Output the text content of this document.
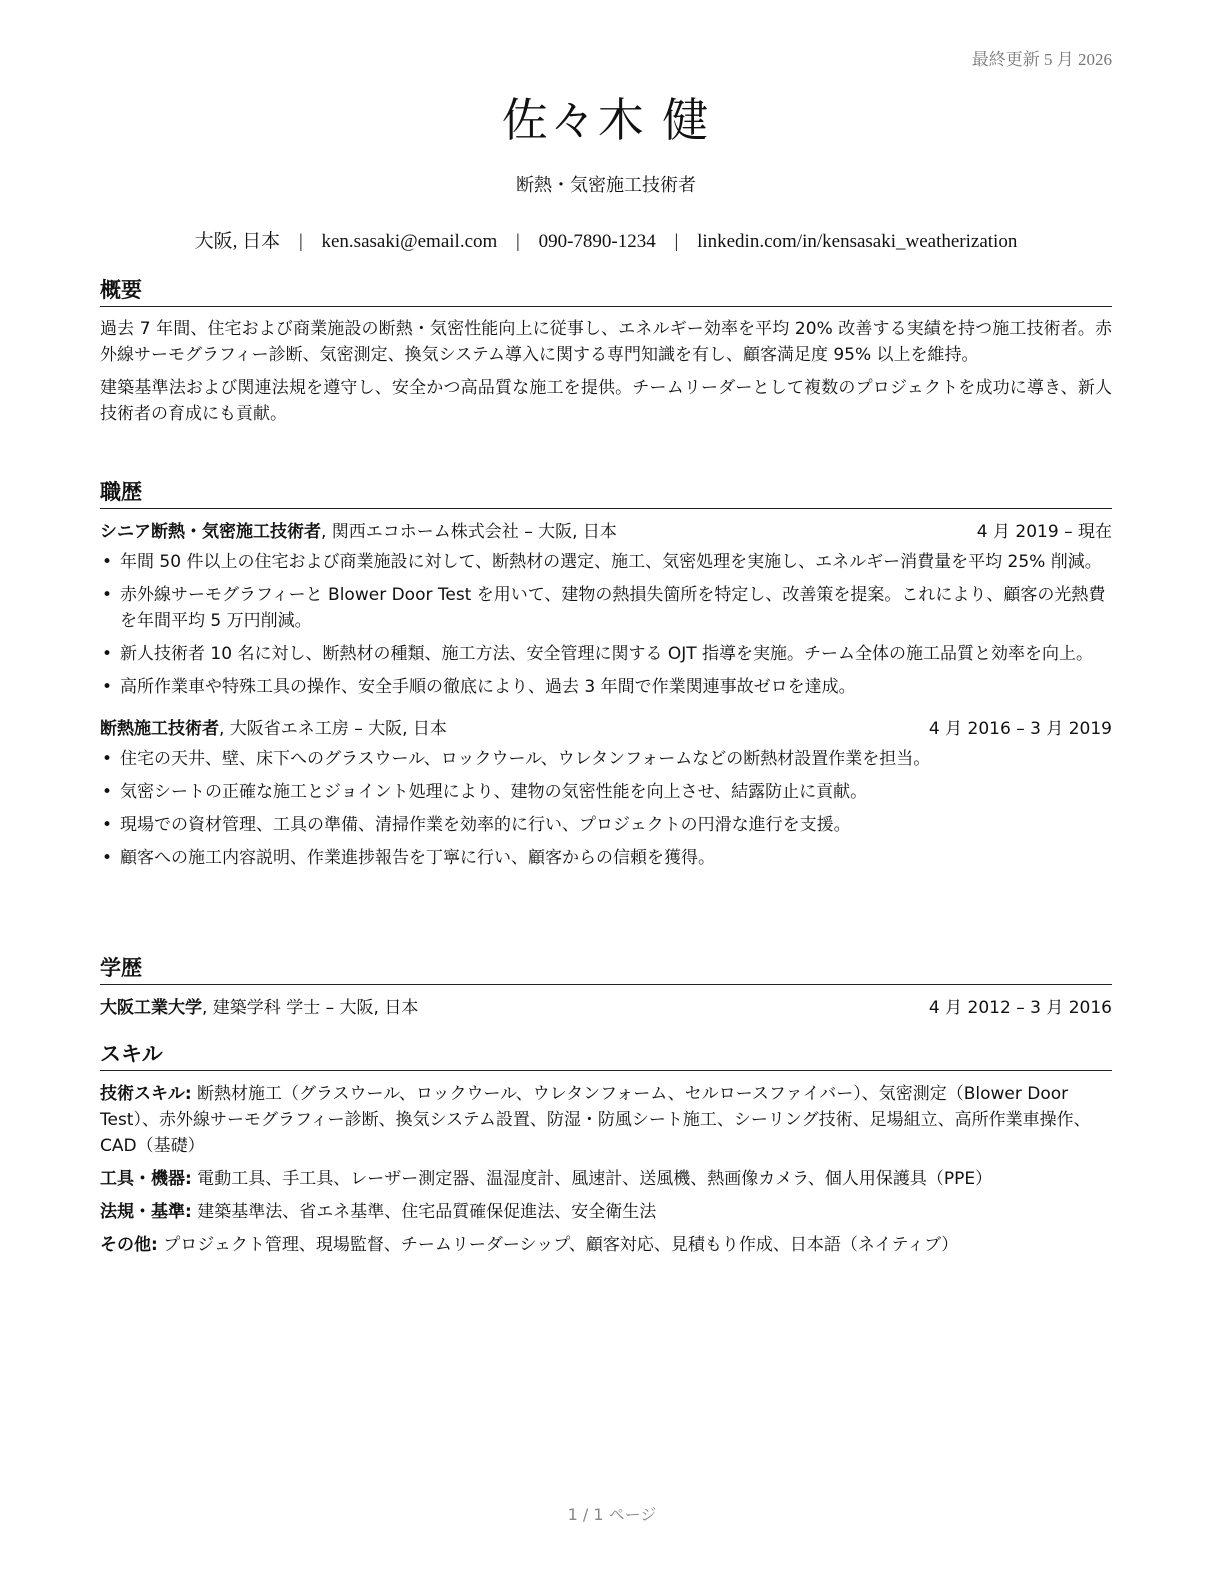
最終更新 5 月 2026
佐々木 健
断熱・気密施工技術者
大阪, 日本 | ken.sasaki@email.com | 090-7890-1234 | linkedin.com/in/kensasaki_weatherization
概要

過去 7 年間、住宅および商業施設の断熱・気密性能向上に従事し、エネルギー効率を平均 20% 改善する実績を持つ施工技術者。赤外線サーモグラフィー診断、気密測定、換気システム導入に関する専門知識を有し、顧客満足度 95% 以上を維持。

建築基準法および関連法規を遵守し、安全かつ高品質な施工を提供。チームリーダーとして複数のプロジェクトを成功に導き、新人技術者の育成にも貢献。

職歴
シニア断熱・気密施工技術者, 関西エコホーム株式会社 – 大阪, 日本	4 月 2019 – 現在
• 年間 50 件以上の住宅および商業施設に対して、断熱材の選定、施工、気密処理を実施し、エネルギー消費量を平均 25% 削減。
• 赤外線サーモグラフィーと Blower Door Test を用いて、建物の熱損失箇所を特定し、改善策を提案。これにより、顧客の光熱費を年間平均 5 万円削減。
• 新人技術者 10 名に対し、断熱材の種類、施工方法、安全管理に関する OJT 指導を実施。チーム全体の施工品質と効率を向上。
• 高所作業車や特殊工具の操作、安全手順の徹底により、過去 3 年間で作業関連事故ゼロを達成。
断熱施工技術者, 大阪省エネ工房 – 大阪, 日本	4 月 2016 – 3 月 2019
• 住宅の天井、壁、床下へのグラスウール、ロックウール、ウレタンフォームなどの断熱材設置作業を担当。
• 気密シートの正確な施工とジョイント処理により、建物の気密性能を向上させ、結露防止に貢献。
• 現場での資材管理、工具の準備、清掃作業を効率的に行い、プロジェクトの円滑な進行を支援。
• 顧客への施工内容説明、作業進捗報告を丁寧に行い、顧客からの信頼を獲得。
学歴
大阪工業大学, 建築学科 学士 – 大阪, 日本	4 月 2012 – 3 月 2016
スキル
技術スキル: 断熱材施工（グラスウール、ロックウール、ウレタンフォーム、セルロースファイバー）、気密測定（Blower Door Test）、赤外線サーモグラフィー診断、換気システム設置、防湿・防風シート施工、シーリング技術、足場組立、高所作業車操作、CAD（基礎）
工具・機器: 電動工具、手工具、レーザー測定器、温湿度計、風速計、送風機、熱画像カメラ、個人用保護具（PPE）
法規・基準: 建築基準法、省エネ基準、住宅品質確保促進法、安全衛生法
その他: プロジェクト管理、現場監督、チームリーダーシップ、顧客対応、見積もり作成、日本語（ネイティブ）
1 / 1 ページ
